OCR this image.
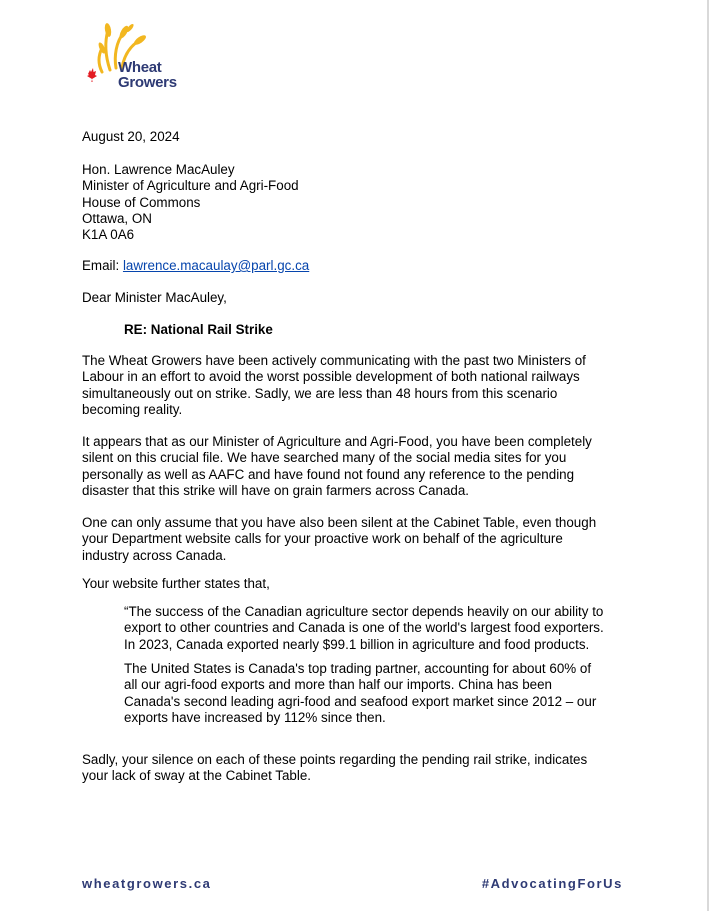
Wheat
Growers
August 20, 2024
Hon. Lawrence MacAuley
Minister of Agriculture and Agri-Food
House of Commons
Ottawa, ON
K1A 0A6
Email: lawrence.macaulay@parl.gc.ca
Dear Minister MacAuley,
RE: National Rail Strike
The Wheat Growers have been actively communicating with the past two Ministers of
Labour in an effort to avoid the worst possible development of both national railways
simultaneously out on strike. Sadly, we are less than 48 hours from this scenario
becoming reality.
It appears that as our Minister of Agriculture and Agri-Food, you have been completely
silent on this crucial file. We have searched many of the social media sites for you
personally as well as AAFC and have found not found any reference to the pending
disaster that this strike will have on grain farmers across Canada.
One can only assume that you have also been silent at the Cabinet Table, even though
your Department website calls for your proactive work on behalf of the agriculture
industry across Canada.
Your website further states that,
“The success of the Canadian agriculture sector depends heavily on our ability to
export to other countries and Canada is one of the world's largest food exporters.
In 2023, Canada exported nearly $99.1 billion in agriculture and food products.
The United States is Canada's top trading partner, accounting for about 60% of
all our agri-food exports and more than half our imports. China has been
Canada's second leading agri-food and seafood export market since 2012 – our
exports have increased by 112% since then.
Sadly, your silence on each of these points regarding the pending rail strike, indicates
your lack of sway at the Cabinet Table.
wheatgrowers.ca	#AdvocatingForUs
